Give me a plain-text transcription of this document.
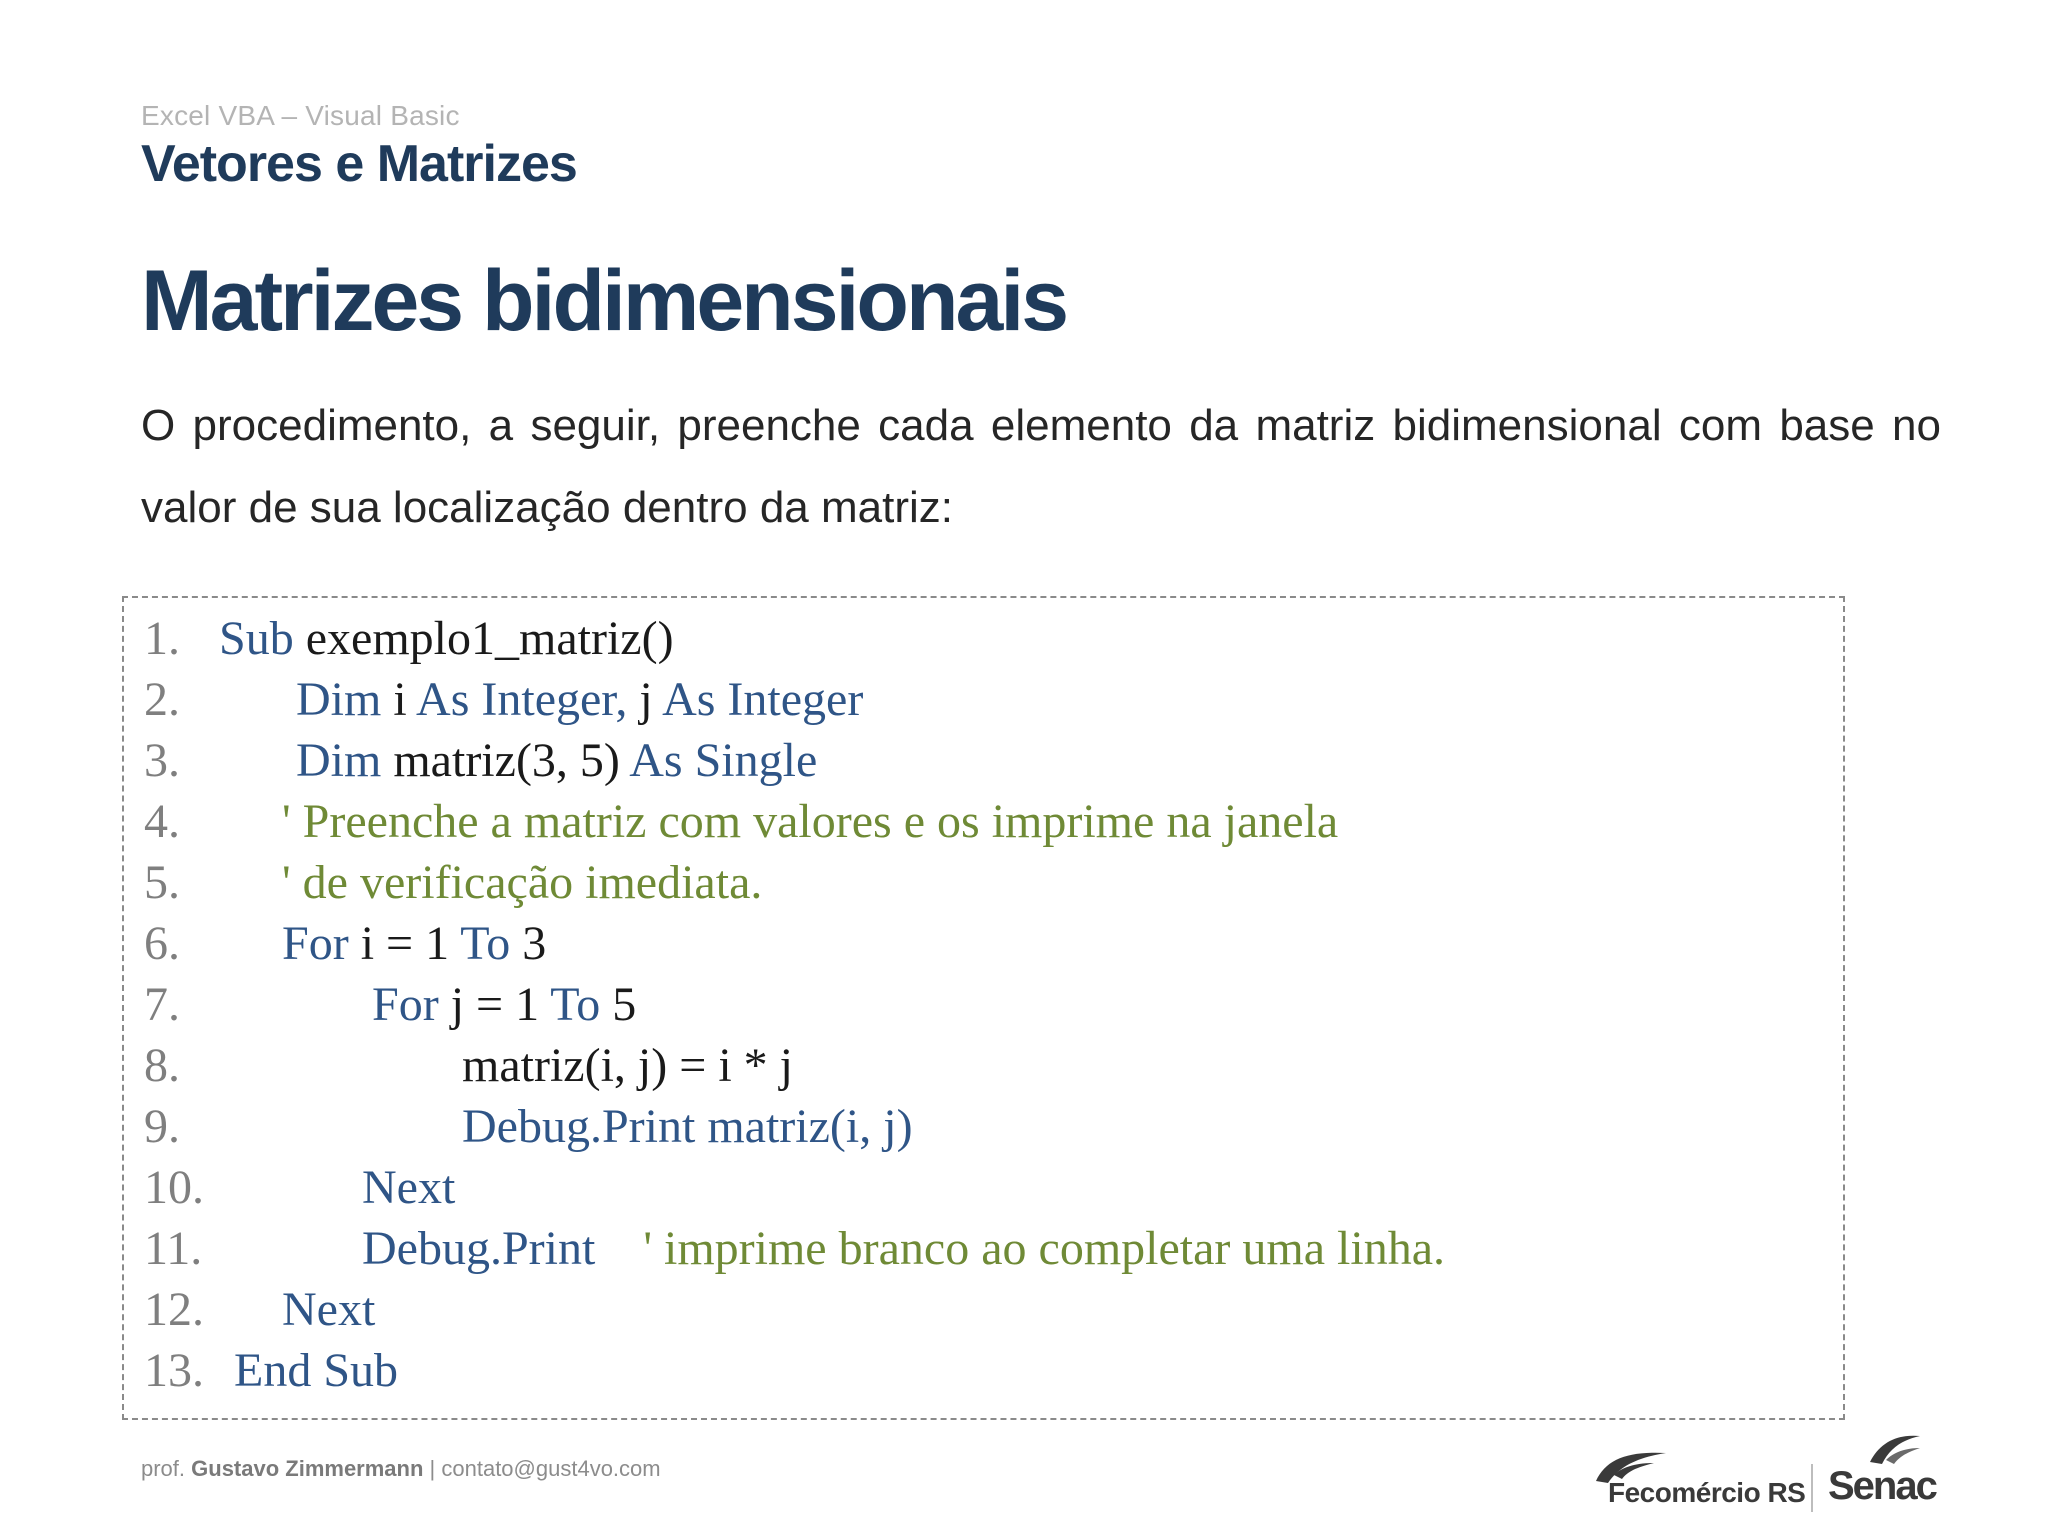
Excel VBA – Visual Basic
Vetores e Matrizes
Matrizes bidimensionais
O procedimento, a seguir, preenche cada elemento da matriz bidimensional com base no valor de sua localização dentro da matriz:
1. Sub exemplo1_matriz()
2. Dim i As Integer, j As Integer
3. Dim matriz(3, 5) As Single
4. ' Preenche a matriz com valores e os imprime na janela
5. ' de verificação imediata.
6. For i = 1 To 3
7.	For j = 1 To 5
8.	matriz(i, j) = i * j
9.	Debug.Print matriz(i, j)
10.	Next
11.	Debug.Print ' imprime branco ao completar uma linha.
12. Next
13. End Sub
prof. Gustavo Zimmermann | contato@gust4vo.com
Fecomércio RS Senac
